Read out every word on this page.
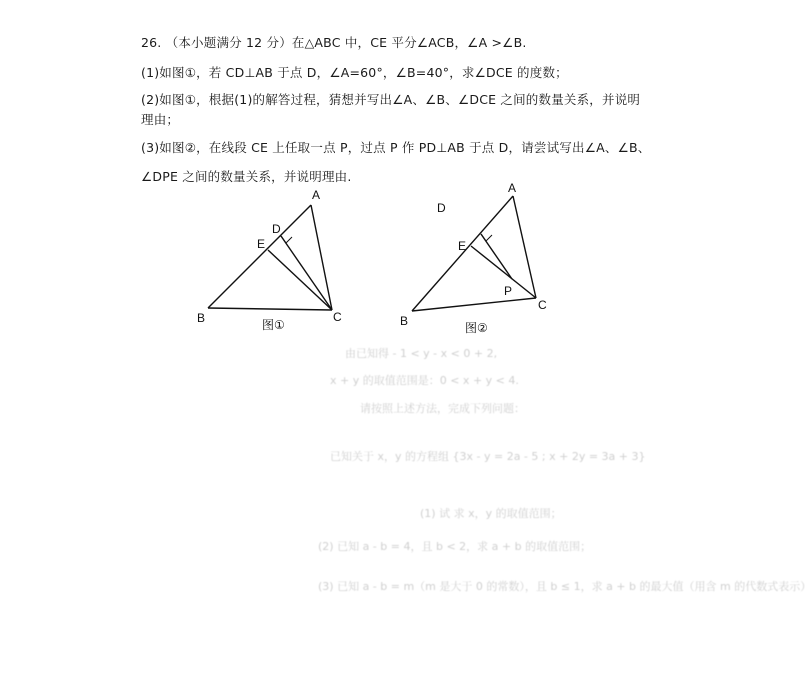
由已知得 - 1 < y - x < 0 + 2,
x + y 的取值范围是：0 < x + y < 4.
请按照上述方法，完成下列问题：
已知关于 x，y 的方程组 {3x - y = 2a - 5 ; x + 2y = 3a + 3}
(1) 试 求 x，y 的取值范围；
(2) 已知 a - b = 4，且 b < 2，求 a + b 的取值范围；
(3) 已知 a - b = m（m 是大于 0 的常数），且 b ≤ 1，求 a + b 的最大值（用含 m 的代数式表示）
26. （本小题满分 12 分）在△ABC 中，CE 平分∠ACB，∠A >∠B.
(1)如图①，若 CD⊥AB 于点 D，∠A=60°，∠B=40°，求∠DCE 的度数；
(2)如图①，根据(1)的解答过程，猜想并写出∠A、∠B、∠DCE 之间的数量关系，并说明
理由；
(3)如图②，在线段 CE 上任取一点 P，过点 P 作 PD⊥AB 于点 D，请尝试写出∠A、∠B、
∠DPE 之间的数量关系，并说明理由.
A
B	C
D
E
图①
A
B
C
D
E
P
图②
